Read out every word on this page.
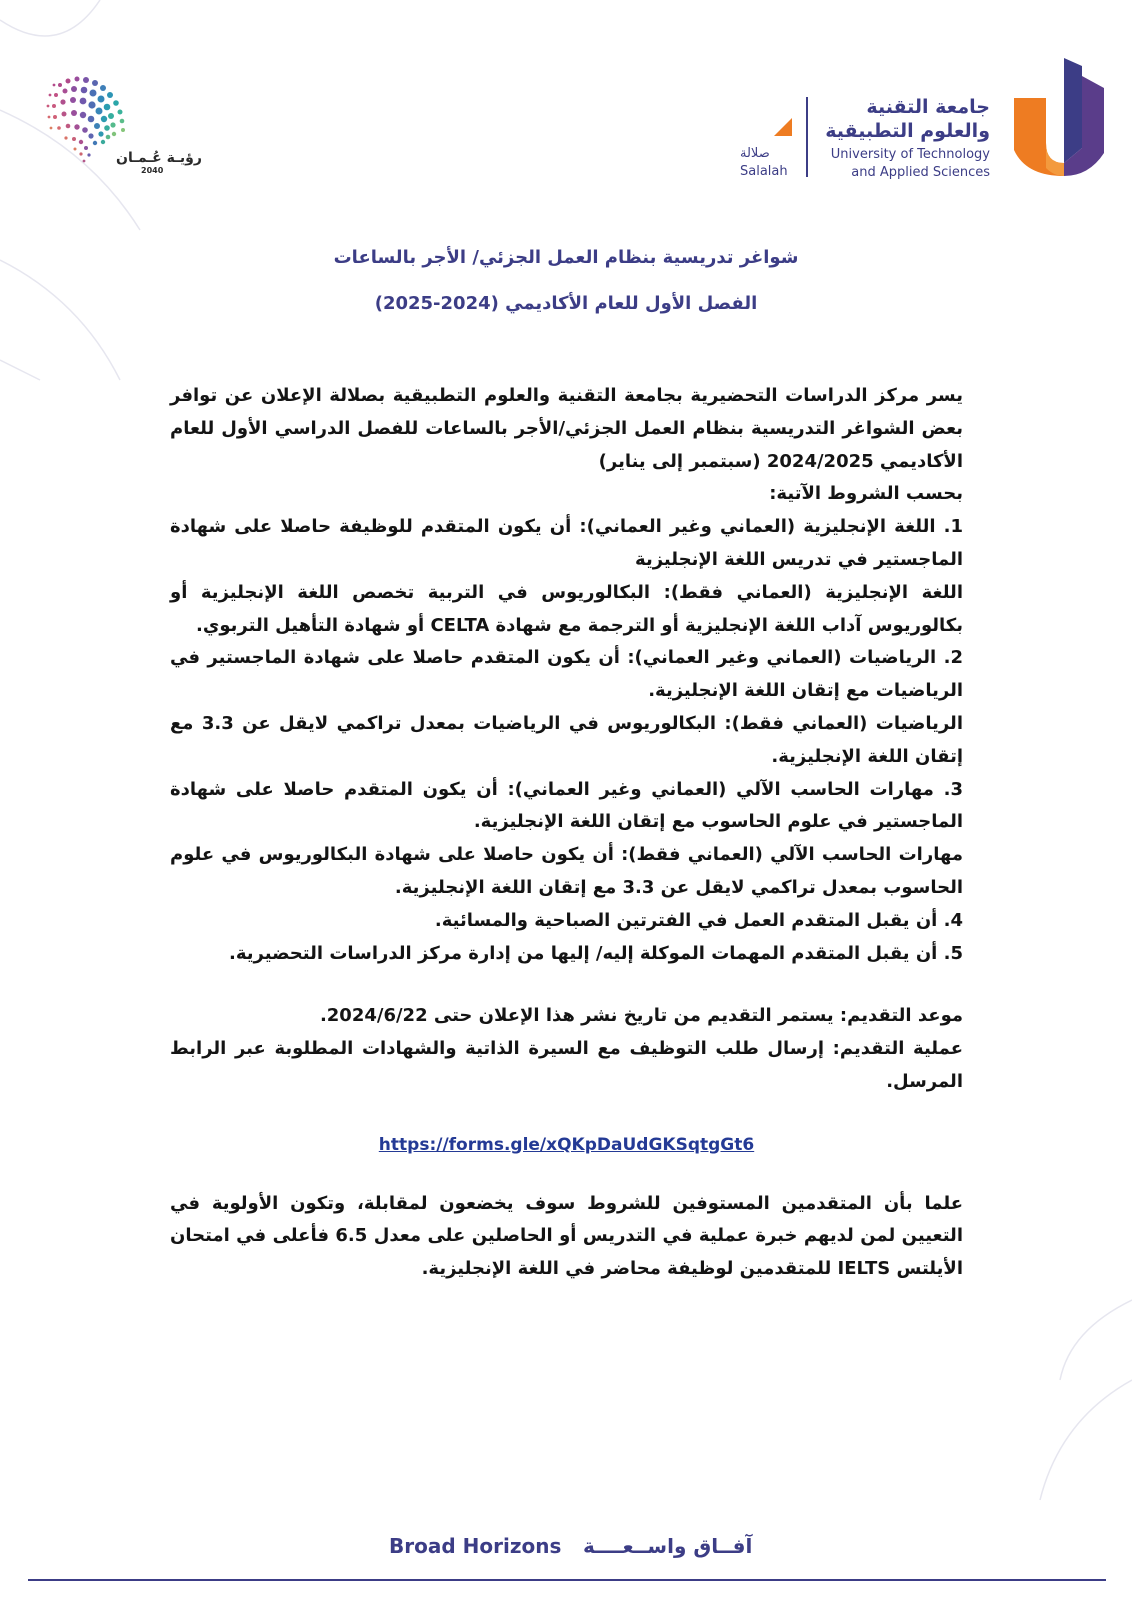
جامعة التقنية
والعلوم التطبيقية
University of Technology
and Applied Sciences
صلالة
Salalah
رؤيـة عُـمـان
2040
شواغر تدريسية بنظام العمل الجزئي/ الأجر بالساعات
الفصل الأول للعام الأكاديمي (2024-2025)

يسر مركز الدراسات التحضيرية بجامعة التقنية والعلوم التطبيقية بصلالة الإعلان عن توافر بعض الشواغر التدريسية بنظام العمل الجزئي/الأجر بالساعات للفصل الدراسي الأول للعام الأكاديمي 2024/2025 (سبتمبر إلى يناير)

بحسب الشروط الآتية:

1. اللغة الإنجليزية (العماني وغير العماني): أن يكون المتقدم للوظيفة حاصلا على شهادة الماجستير في تدريس اللغة الإنجليزية

اللغة الإنجليزية (العماني فقط): البكالوريوس في التربية تخصص اللغة الإنجليزية أو بكالوريوس آداب اللغة الإنجليزية أو الترجمة مع شهادة CELTA أو شهادة التأهيل التربوي.

2. الرياضيات (العماني وغير العماني): أن يكون المتقدم حاصلا على شهادة الماجستير في الرياضيات مع إتقان اللغة الإنجليزية.

الرياضيات (العماني فقط): البكالوريوس في الرياضيات بمعدل تراكمي لايقل عن 3.3 مع إتقان اللغة الإنجليزية.

3. مهارات الحاسب الآلي (العماني وغير العماني): أن يكون المتقدم حاصلا على شهادة الماجستير في علوم الحاسوب مع إتقان اللغة الإنجليزية.

مهارات الحاسب الآلي (العماني فقط): أن يكون حاصلا على شهادة البكالوريوس في علوم الحاسوب بمعدل تراكمي لايقل عن 3.3 مع إتقان اللغة الإنجليزية.

4. أن يقبل المتقدم العمل في الفترتين الصباحية والمسائية.

5. أن يقبل المتقدم المهمات الموكلة إليه/ إليها من إدارة مركز الدراسات التحضيرية.

موعد التقديم: يستمر التقديم من تاريخ نشر هذا الإعلان حتى 2024/6/22.

عملية التقديم: إرسال طلب التوظيف مع السيرة الذاتية والشهادات المطلوبة عبر الرابط المرسل.

https://forms.gle/xQKpDaUdGKSqtgGt6

علما بأن المتقدمين المستوفين للشروط سوف يخضعون لمقابلة، وتكون الأولوية في التعيين لمن لديهم خبرة عملية في التدريس أو الحاصلين على معدل 6.5 فأعلى في امتحان الأيلتس IELTS للمتقدمين لوظيفة محاضر في اللغة الإنجليزية.

Broad Horizons آفــاق واســعــــة
